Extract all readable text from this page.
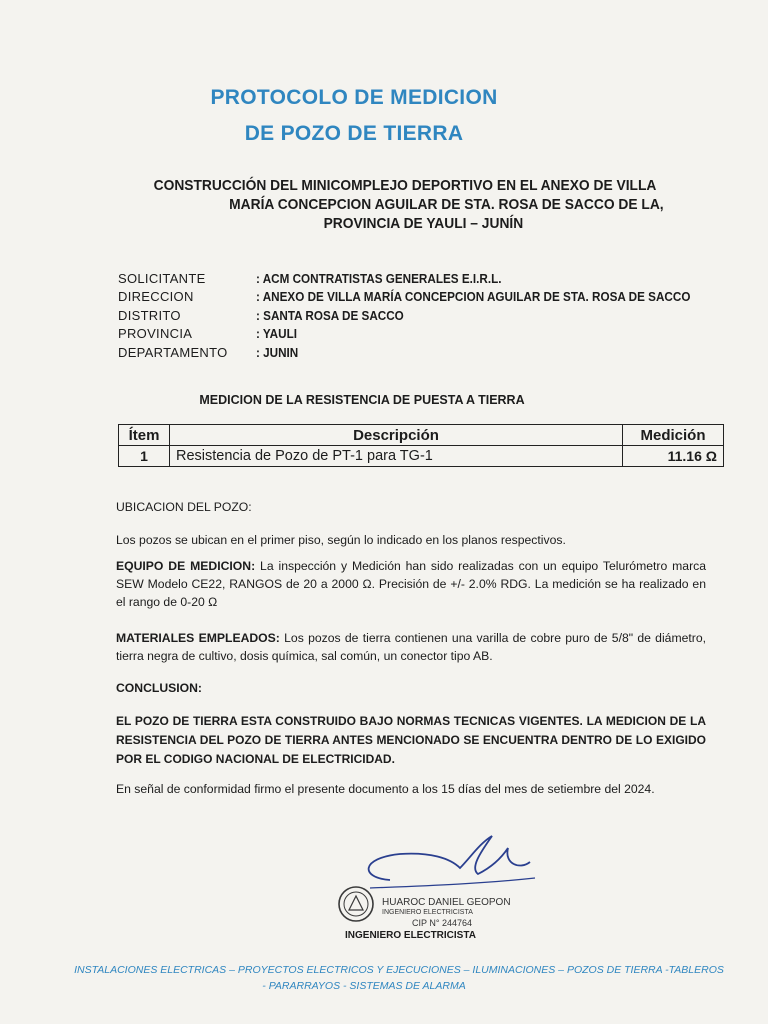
PROTOCOLO DE MEDICION
DE POZO DE TIERRA
CONSTRUCCIÓN DEL MINICOMPLEJO DEPORTIVO EN EL ANEXO DE VILLA
MARÍA CONCEPCION AGUILAR DE STA. ROSA DE SACCO DE LA,
PROVINCIA DE YAULI – JUNÍN
SOLICITANTE	: ACM CONTRATISTAS GENERALES E.I.R.L.
DIRECCION	: ANEXO DE VILLA MARÍA CONCEPCION AGUILAR DE STA. ROSA DE SACCO
DISTRITO	: SANTA ROSA DE SACCO
PROVINCIA	: YAULI
DEPARTAMENTO	: JUNIN
MEDICION DE LA RESISTENCIA DE PUESTA A TIERRA
Ítem	Descripción	Medición
1	Resistencia de Pozo de PT-1 para TG-1	11.16 Ω
UBICACION DEL POZO:
Los pozos se ubican en el primer piso, según lo indicado en los planos respectivos.
EQUIPO DE MEDICION: La inspección y Medición han sido realizadas con un equipo Telurómetro marca SEW Modelo CE22, RANGOS de 20 a 2000 Ω. Precisión de +/- 2.0% RDG. La medición se ha realizado en el rango de 0-20 Ω
MATERIALES EMPLEADOS: Los pozos de tierra contienen una varilla de cobre puro de 5/8" de diámetro, tierra negra de cultivo, dosis química, sal común, un conector tipo AB.
CONCLUSION:
EL POZO DE TIERRA ESTA CONSTRUIDO BAJO NORMAS TECNICAS VIGENTES. LA MEDICION DE LA RESISTENCIA DEL POZO DE TIERRA ANTES MENCIONADO SE ENCUENTRA DENTRO DE LO EXIGIDO POR EL CODIGO NACIONAL DE ELECTRICIDAD.
En señal de conformidad firmo el presente documento a los 15 días del mes de setiembre del 2024.
HUAROC DANIEL GEOPON
INGENIERO ELECTRICISTA
CIP N° 244764
INGENIERO ELECTRICISTA
INSTALACIONES ELECTRICAS – PROYECTOS ELECTRICOS Y EJECUCIONES – ILUMINACIONES – POZOS DE TIERRA -TABLEROS
- PARARRAYOS - SISTEMAS DE ALARMA
